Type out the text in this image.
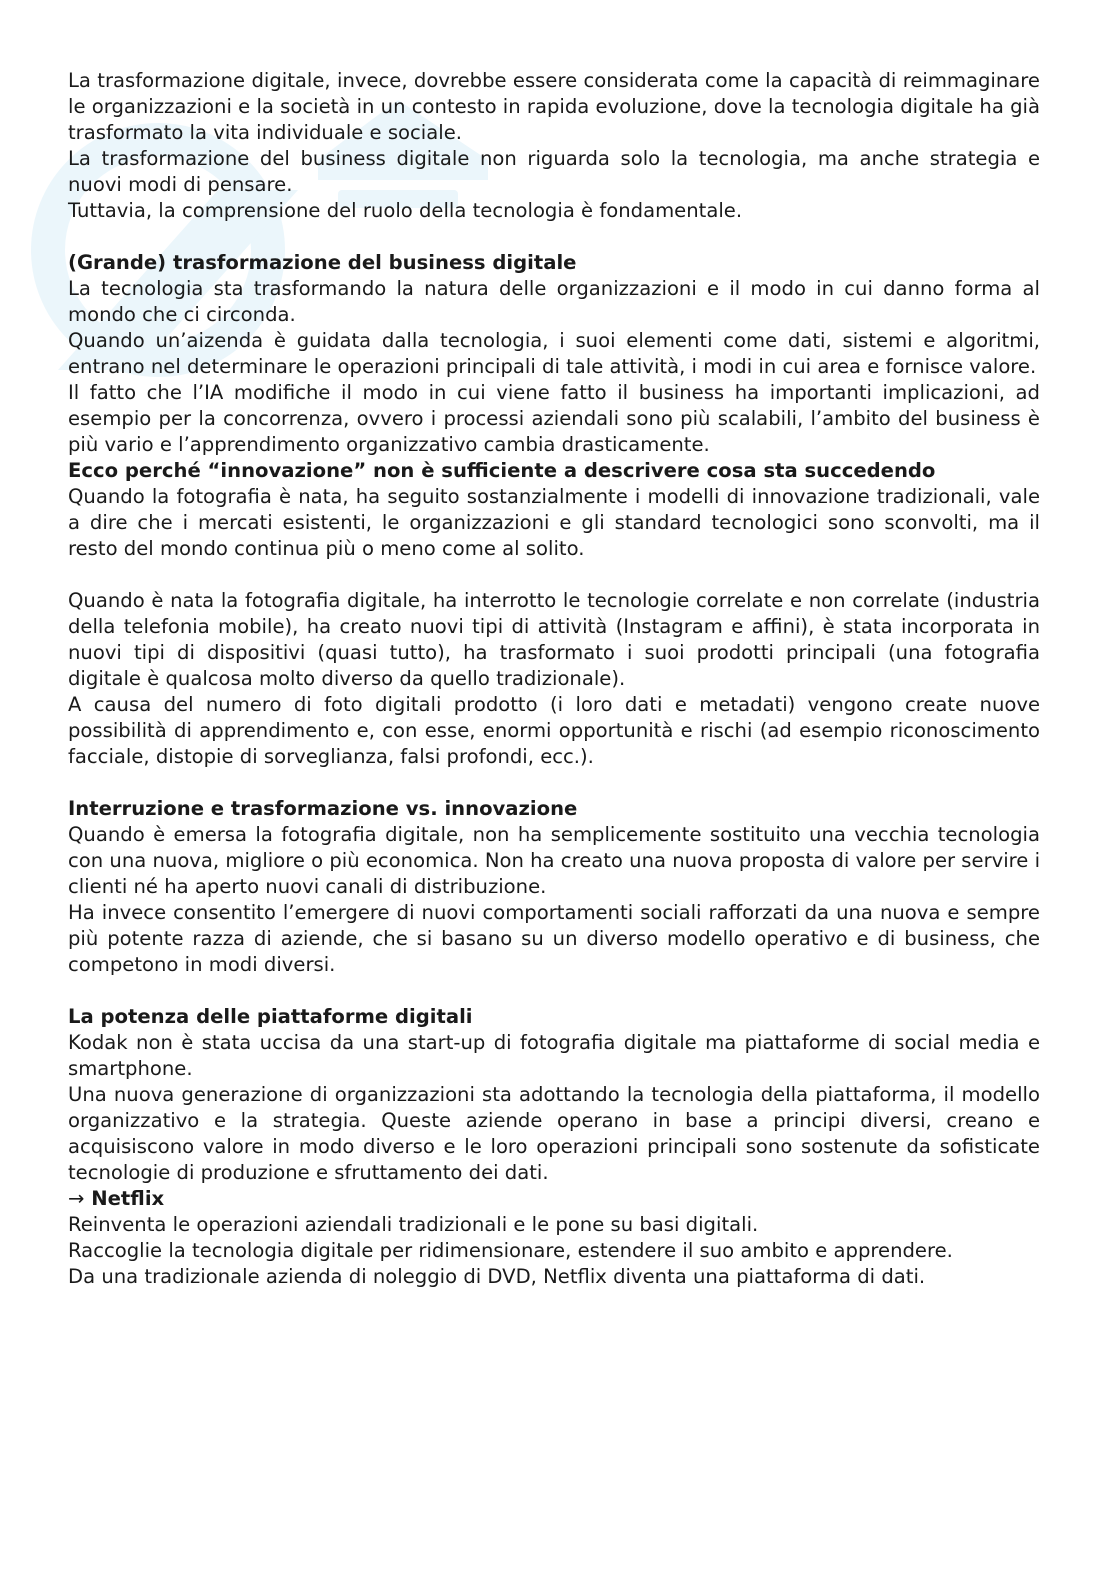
La trasformazione digitale, invece, dovrebbe essere considerata come la capacità di reimmaginare le organizzazioni e la società in un contesto in rapida evoluzione, dove la tecnologia digitale ha già trasformato la vita individuale e sociale.

La trasformazione del business digitale non riguarda solo la tecnologia, ma anche strategia e nuovi modi di pensare.

Tuttavia, la comprensione del ruolo della tecnologia è fondamentale.

(Grande) trasformazione del business digitale

La tecnologia sta trasformando la natura delle organizzazioni e il modo in cui danno forma al mondo che ci circonda.

Quando un’aizenda è guidata dalla tecnologia, i suoi elementi come dati, sistemi e algoritmi, entrano nel determinare le operazioni principali di tale attività, i modi in cui area e fornisce valore.

Il fatto che l’IA modifiche il modo in cui viene fatto il business ha importanti implicazioni, ad esempio per la concorrenza, ovvero i processi aziendali sono più scalabili, l’ambito del business è più vario e l’apprendimento organizzativo cambia drasticamente.

Ecco perché “innovazione” non è sufficiente a descrivere cosa sta succedendo

Quando la fotografia è nata, ha seguito sostanzialmente i modelli di innovazione tradizionali, vale a dire che i mercati esistenti, le organizzazioni e gli standard tecnologici sono sconvolti, ma il resto del mondo continua più o meno come al solito.

Quando è nata la fotografia digitale, ha interrotto le tecnologie correlate e non correlate (industria della telefonia mobile), ha creato nuovi tipi di attività (Instagram e affini), è stata incorporata in nuovi tipi di dispositivi (quasi tutto), ha trasformato i suoi prodotti principali (una fotografia digitale è qualcosa molto diverso da quello tradizionale).

A causa del numero di foto digitali prodotto (i loro dati e metadati) vengono create nuove possibilità di apprendimento e, con esse, enormi opportunità e rischi (ad esempio riconoscimento facciale, distopie di sorveglianza, falsi profondi, ecc.).

Interruzione e trasformazione vs. innovazione

Quando è emersa la fotografia digitale, non ha semplicemente sostituito una vecchia tecnologia con una nuova, migliore o più economica. Non ha creato una nuova proposta di valore per servire i clienti né ha aperto nuovi canali di distribuzione.

Ha invece consentito l’emergere di nuovi comportamenti sociali rafforzati da una nuova e sempre più potente razza di aziende, che si basano su un diverso modello operativo e di business, che competono in modi diversi.

La potenza delle piattaforme digitali

Kodak non è stata uccisa da una start-up di fotografia digitale ma piattaforme di social media e smartphone.

Una nuova generazione di organizzazioni sta adottando la tecnologia della piattaforma, il modello organizzativo e la strategia. Queste aziende operano in base a principi diversi, creano e acquisiscono valore in modo diverso e le loro operazioni principali sono sostenute da sofisticate tecnologie di produzione e sfruttamento dei dati.

→ Netflix

Reinventa le operazioni aziendali tradizionali e le pone su basi digitali.

Raccoglie la tecnologia digitale per ridimensionare, estendere il suo ambito e apprendere.

Da una tradizionale azienda di noleggio di DVD, Netflix diventa una piattaforma di dati.
